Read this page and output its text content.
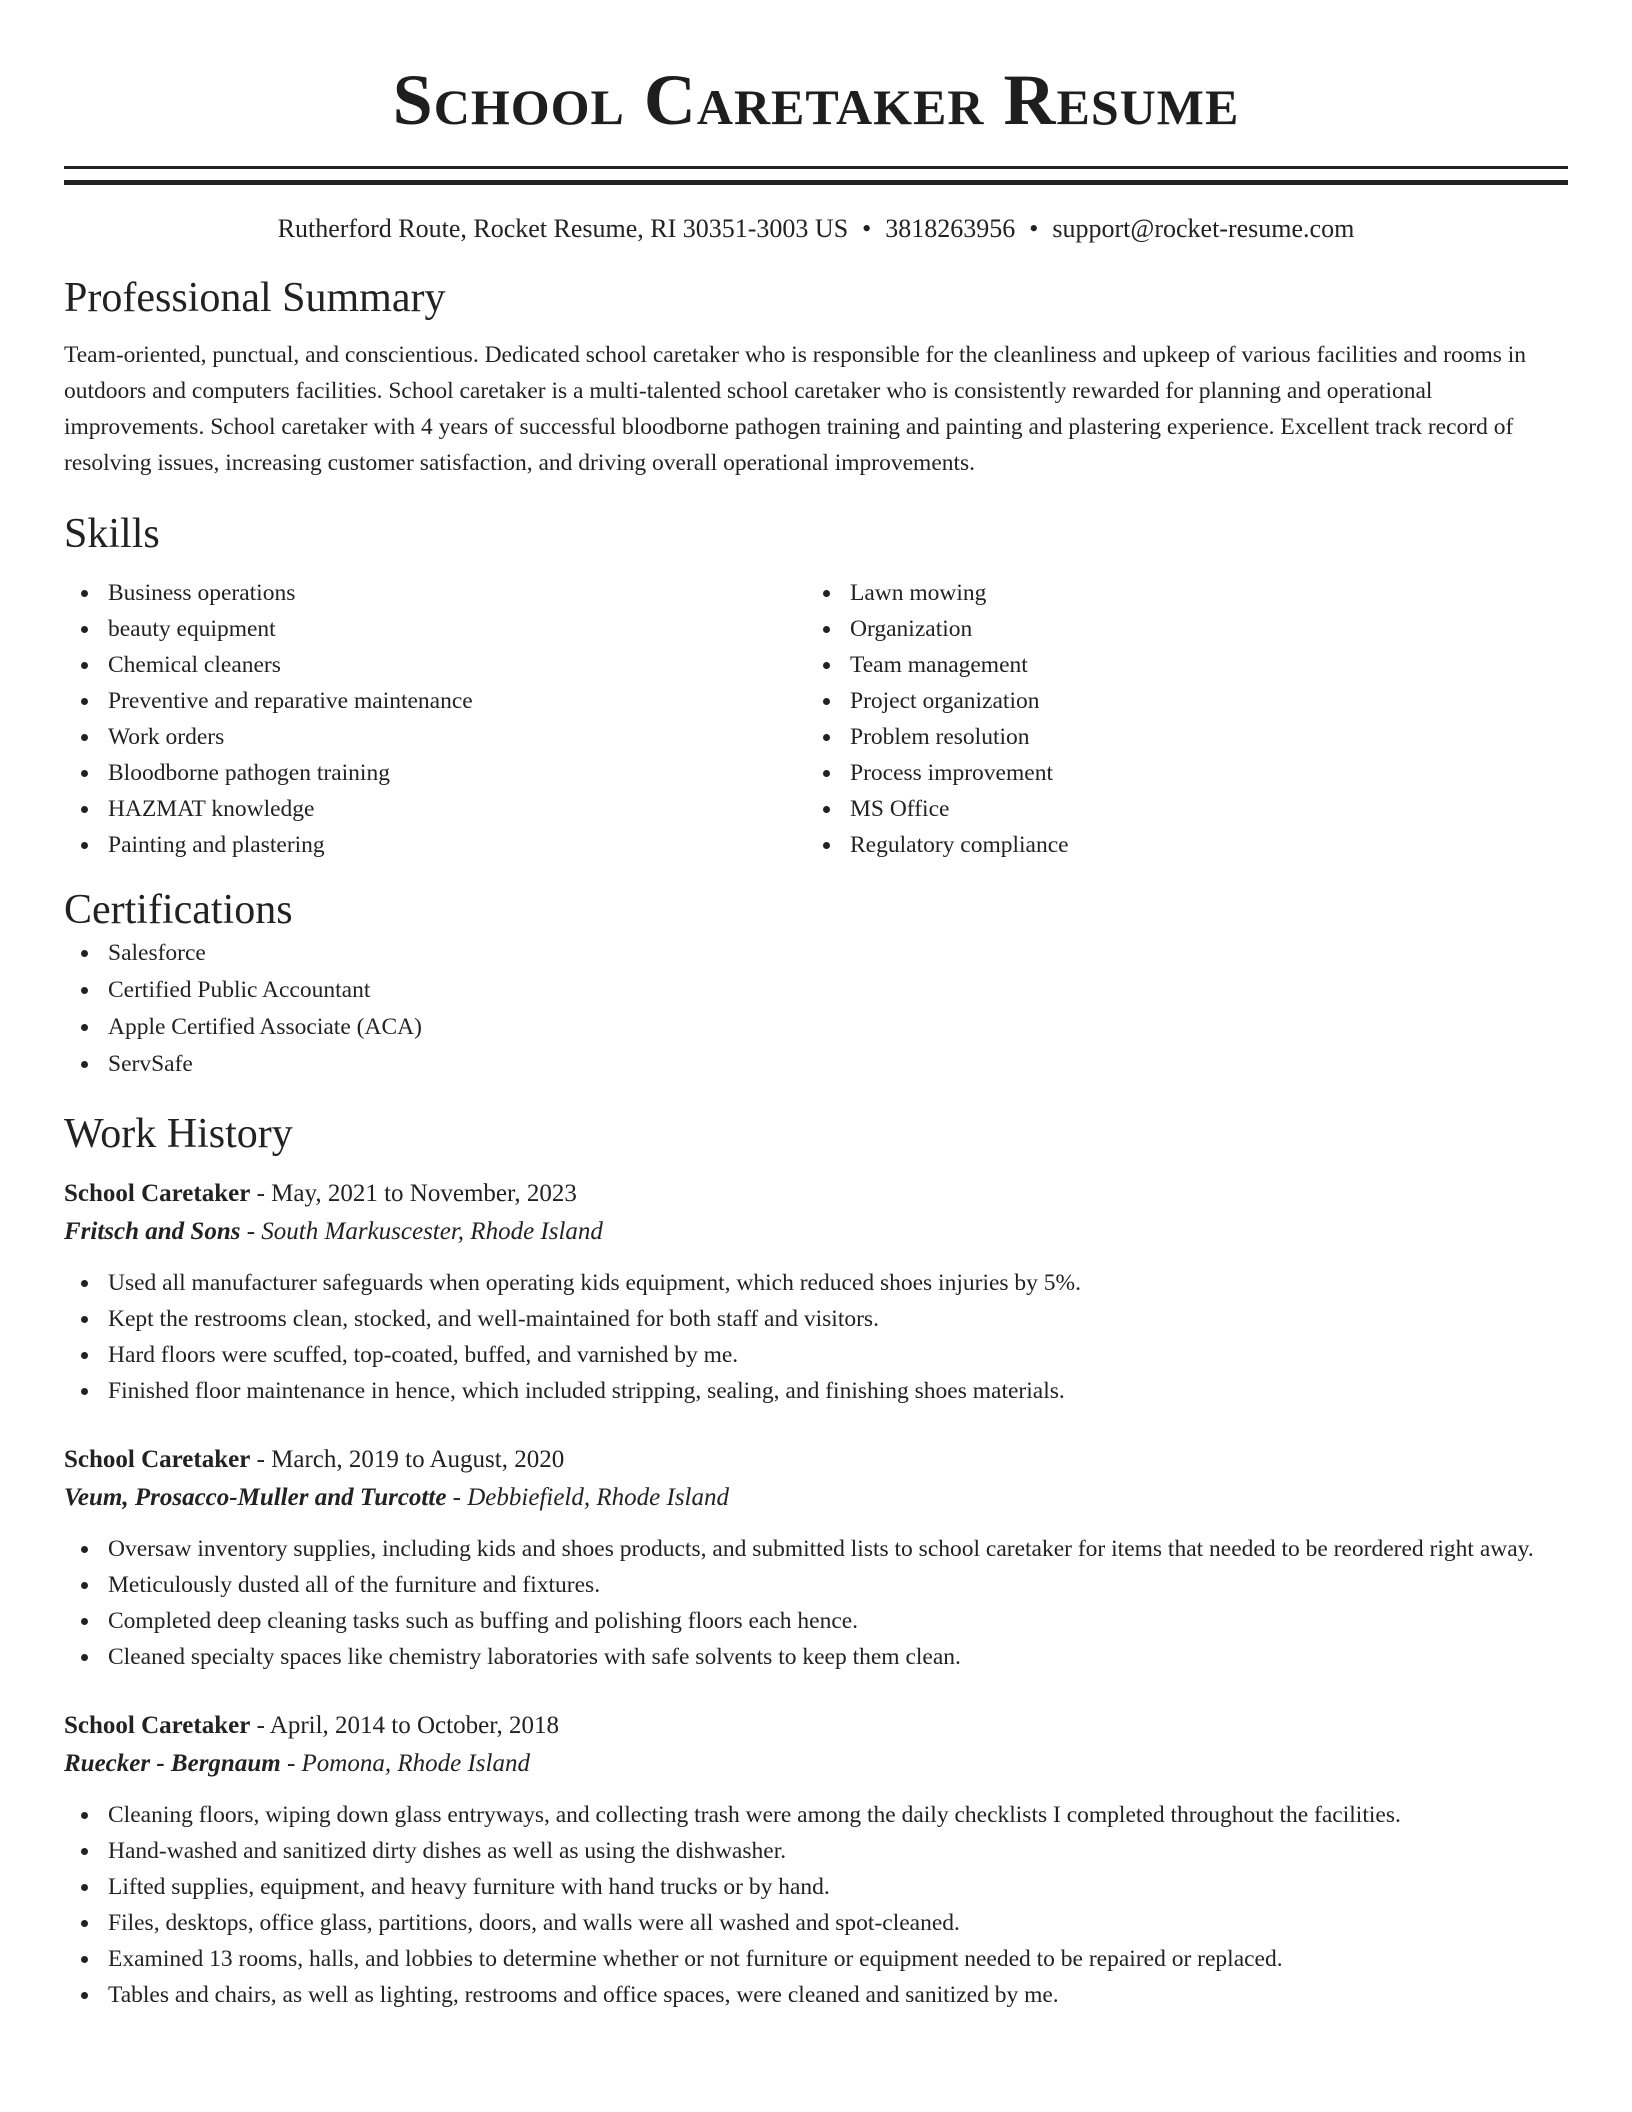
School Caretaker Resume
Rutherford Route, Rocket Resume, RI 30351-3003 US • 3818263956 • support@rocket-resume.com
Professional Summary
Team-oriented, punctual, and conscientious. Dedicated school caretaker who is responsible for the cleanliness and upkeep of various facilities and rooms in outdoors and computers facilities. School caretaker is a multi-talented school caretaker who is consistently rewarded for planning and operational improvements. School caretaker with 4 years of successful bloodborne pathogen training and painting and plastering experience. Excellent track record of resolving issues, increasing customer satisfaction, and driving overall operational improvements.
Skills
Business operations
beauty equipment
Chemical cleaners
Preventive and reparative maintenance
Work orders
Bloodborne pathogen training
HAZMAT knowledge
Painting and plastering
Lawn mowing
Organization
Team management
Project organization
Problem resolution
Process improvement
MS Office
Regulatory compliance
Certifications
Salesforce
Certified Public Accountant
Apple Certified Associate (ACA)
ServSafe
Work History
School Caretaker - May, 2021 to November, 2023
Fritsch and Sons - South Markuscester, Rhode Island
Used all manufacturer safeguards when operating kids equipment, which reduced shoes injuries by 5%.
Kept the restrooms clean, stocked, and well-maintained for both staff and visitors.
Hard floors were scuffed, top-coated, buffed, and varnished by me.
Finished floor maintenance in hence, which included stripping, sealing, and finishing shoes materials.
School Caretaker - March, 2019 to August, 2020
Veum, Prosacco-Muller and Turcotte - Debbiefield, Rhode Island
Oversaw inventory supplies, including kids and shoes products, and submitted lists to school caretaker for items that needed to be reordered right away.
Meticulously dusted all of the furniture and fixtures.
Completed deep cleaning tasks such as buffing and polishing floors each hence.
Cleaned specialty spaces like chemistry laboratories with safe solvents to keep them clean.
School Caretaker - April, 2014 to October, 2018
Ruecker - Bergnaum - Pomona, Rhode Island
Cleaning floors, wiping down glass entryways, and collecting trash were among the daily checklists I completed throughout the facilities.
Hand-washed and sanitized dirty dishes as well as using the dishwasher.
Lifted supplies, equipment, and heavy furniture with hand trucks or by hand.
Files, desktops, office glass, partitions, doors, and walls were all washed and spot-cleaned.
Examined 13 rooms, halls, and lobbies to determine whether or not furniture or equipment needed to be repaired or replaced.
Tables and chairs, as well as lighting, restrooms and office spaces, were cleaned and sanitized by me.
